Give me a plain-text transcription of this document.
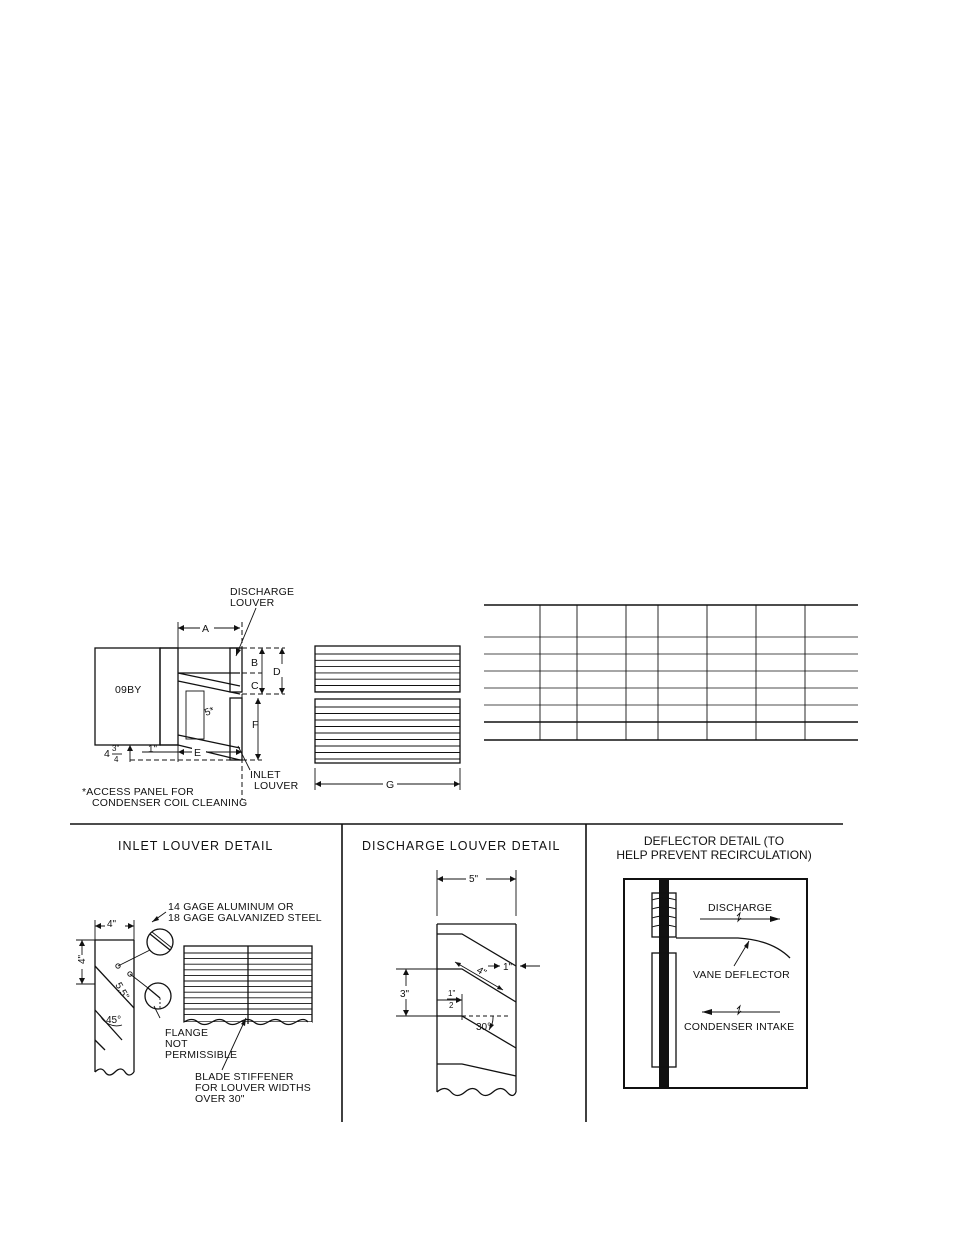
09BY
5*
A
B
C
D
F
E
1"
4 3"
4
DISCHARGE
LOUVER
INLET
LOUVER
*ACCESS PANEL FOR
CONDENSER COIL CLEANING
G
INLET LOUVER DETAIL
4"
4"
5.5"
45°
14 GAGE ALUMINUM OR
18 GAGE GALVANIZED STEEL
FLANGE
NOT
PERMISSIBLE
BLADE STIFFENER
FOR LOUVER WIDTHS
OVER 30"
DISCHARGE LOUVER DETAIL
5"
3"
4" 1"
1"
2
30°
DEFLECTOR DETAIL (TO
HELP PREVENT RECIRCULATION)
DISCHARGE
VANE DEFLECTOR
CONDENSER INTAKE
